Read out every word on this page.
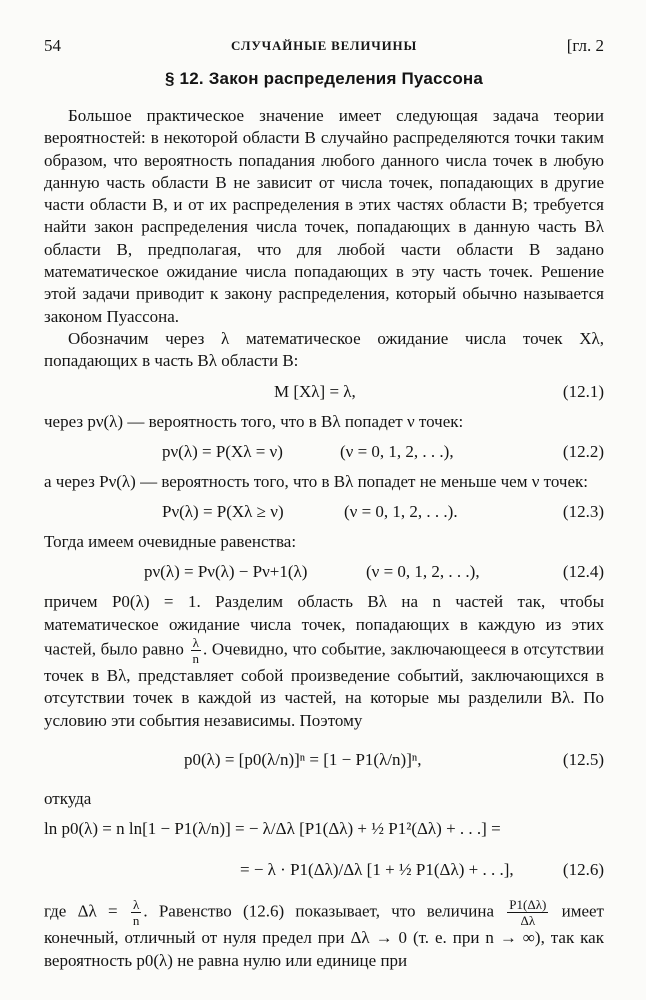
54	СЛУЧАЙНЫЕ ВЕЛИЧИНЫ	[гл. 2
§ 12. Закон распределения Пуассона

Большое практическое значение имеет следующая задача теории вероятностей: в некоторой области B случайно распределяются точки таким образом, что вероятность попадания любого данного числа точек в любую данную часть области B не зависит от числа точек, попадающих в другие части области B, и от их распределения в этих частях области B; требуется найти закон распределения числа точек, попадающих в данную часть Bλ области B, предполагая, что для любой части области B задано математическое ожидание числа попадающих в эту часть точек. Решение этой задачи приводит к закону распределения, который обычно называется законом Пуассона.

Обозначим через λ математическое ожидание числа точек Xλ, попадающих в часть Bλ области B:

M [Xλ] = λ,	(12.1)

через pν(λ) — вероятность того, что в Bλ попадет ν точек:

pν(λ) = P(Xλ = ν)	(ν = 0, 1, 2, . . .),	(12.2)

а через Pν(λ) — вероятность того, что в Bλ попадет не меньше чем ν точек:

Pν(λ) = P(Xλ ≥ ν)	(ν = 0, 1, 2, . . .).	(12.3)

Тогда имеем очевидные равенства:

pν(λ) = Pν(λ) − Pν+1(λ)	(ν = 0, 1, 2, . . .),	(12.4)

причем P0(λ) = 1. Разделим область Bλ на n частей так, чтобы математическое ожидание числа точек, попадающих в каждую из этих частей, было равно $\frac{\lambda}{n}$ . Очевидно, что событие, заключающееся в отсутствии точек в Bλ, представляет собой произведение событий, заключающихся в отсутствии точек в каждой из частей, на которые мы разделили Bλ. По условию эти события независимы. Поэтому

p0(λ) = [p0(λ/n)]ⁿ = [1 − P1(λ/n)]ⁿ,	(12.5)

откуда

ln p0(λ) = n ln[1 − P1(λ/n)] = − λ/Δλ [P1(Δλ) + ½ P1²(Δλ) + . . .] =
= − λ · P1(Δλ)/Δλ [1 + ½ P1(Δλ) + . . .],	(12.6)

где $\Delta\lambda = \frac{\lambda}{n}$ . Равенство (12.6) показывает, что величина $\frac{P1(\Delta\lambda)}{\Delta\lambda}$ имеет конечный, отличный от нуля предел при Δλ → 0 (т. е. при n → ∞), так как вероятность p0(λ) не равна нулю или единице при
